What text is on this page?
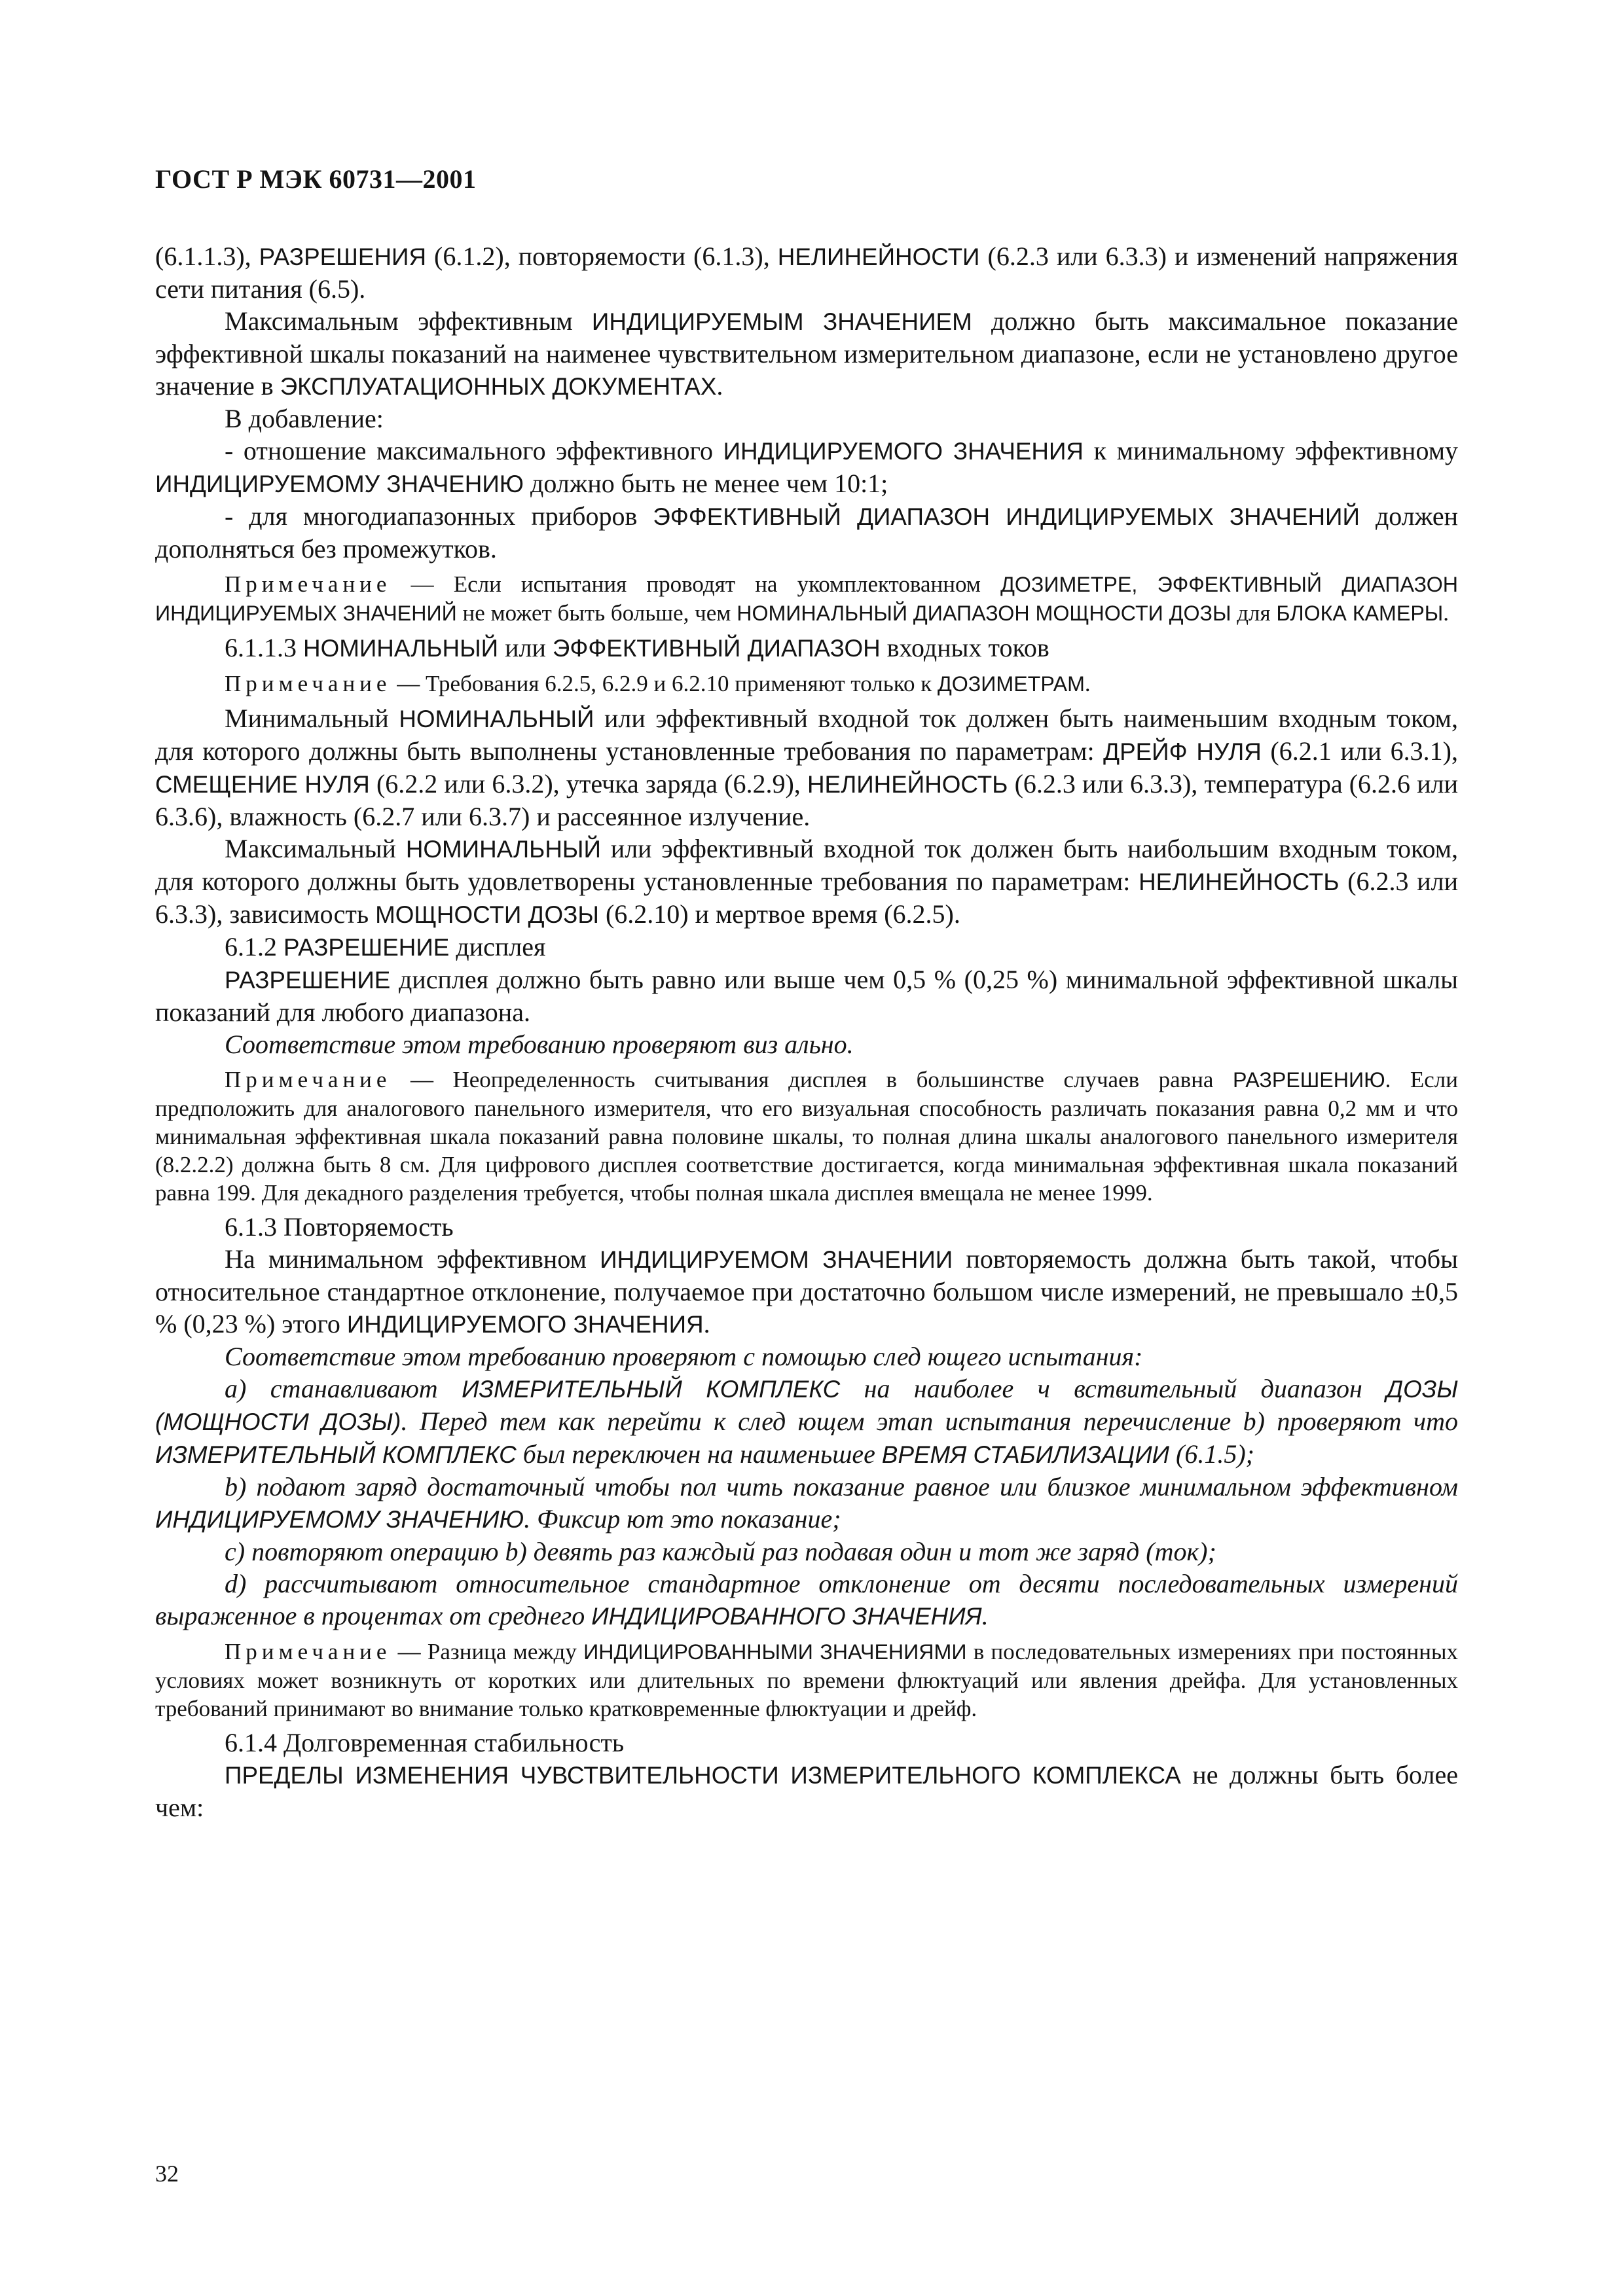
ГОСТ Р МЭК 60731—2001

(6.1.1.3), РАЗРЕШЕНИЯ (6.1.2), повторяемости (6.1.3), НЕЛИНЕЙНОСТИ (6.2.3 или 6.3.3) и изменений напряжения сети питания (6.5).

Максимальным эффективным ИНДИЦИРУЕМЫМ ЗНАЧЕНИЕМ должно быть максимальное показание эффективной шкалы показаний на наименее чувствительном измерительном диапазоне, если не установлено другое значение в ЭКСПЛУАТАЦИОННЫХ ДОКУМЕНТАХ.

В добавление:

- отношение максимального эффективного ИНДИЦИРУЕМОГО ЗНАЧЕНИЯ к минимальному эффективному ИНДИЦИРУЕМОМУ ЗНАЧЕНИЮ должно быть не менее чем 10:1;

- для многодиапазонных приборов ЭФФЕКТИВНЫЙ ДИАПАЗОН ИНДИЦИРУЕМЫХ ЗНАЧЕНИЙ должен дополняться без промежутков.

Примечание — Если испытания проводят на укомплектованном ДОЗИМЕТРЕ, ЭФФЕКТИВНЫЙ ДИАПАЗОН ИНДИЦИРУЕМЫХ ЗНАЧЕНИЙ не может быть больше, чем НОМИНАЛЬНЫЙ ДИАПАЗОН МОЩНОСТИ ДОЗЫ для БЛОКА КАМЕРЫ.

6.1.1.3 НОМИНАЛЬНЫЙ или ЭФФЕКТИВНЫЙ ДИАПАЗОН входных токов

Примечание — Требования 6.2.5, 6.2.9 и 6.2.10 применяют только к ДОЗИМЕТРАМ.

Минимальный НОМИНАЛЬНЫЙ или эффективный входной ток должен быть наименьшим входным током, для которого должны быть выполнены установленные требования по параметрам: ДРЕЙФ НУЛЯ (6.2.1 или 6.3.1), СМЕЩЕНИЕ НУЛЯ (6.2.2 или 6.3.2), утечка заряда (6.2.9), НЕЛИНЕЙНОСТЬ (6.2.3 или 6.3.3), температура (6.2.6 или 6.3.6), влажность (6.2.7 или 6.3.7) и рассеянное излучение.

Максимальный НОМИНАЛЬНЫЙ или эффективный входной ток должен быть наибольшим входным током, для которого должны быть удовлетворены установленные требования по параметрам: НЕЛИНЕЙНОСТЬ (6.2.3 или 6.3.3), зависимость МОЩНОСТИ ДОЗЫ (6.2.10) и мертвое время (6.2.5).

6.1.2 РАЗРЕШЕНИЕ дисплея

РАЗРЕШЕНИЕ дисплея должно быть равно или выше чем 0,5 % (0,25 %) минимальной эффективной шкалы показаний для любого диапазона.

Соответствие этом требованию проверяют виз ально.

Примечание — Неопределенность считывания дисплея в большинстве случаев равна РАЗРЕШЕНИЮ. Если предположить для аналогового панельного измерителя, что его визуальная способность различать показания равна 0,2 мм и что минимальная эффективная шкала показаний равна половине шкалы, то полная длина шкалы аналогового панельного измерителя (8.2.2.2) должна быть 8 см. Для цифрового дисплея соответствие достигается, когда минимальная эффективная шкала показаний равна 199. Для декадного разделения требуется, чтобы полная шкала дисплея вмещала не менее 1999.

6.1.3 Повторяемость

На минимальном эффективном ИНДИЦИРУЕМОМ ЗНАЧЕНИИ повторяемость должна быть такой, чтобы относительное стандартное отклонение, получаемое при достаточно большом числе измерений, не превышало ±0,5 % (0,23 %) этого ИНДИЦИРУЕМОГО ЗНАЧЕНИЯ.

Соответствие этом требованию проверяют с помощью след ющего испытания:

а) станавливают ИЗМЕРИТЕЛЬНЫЙ КОМПЛЕКС на наиболее ч вствительный диапазон ДОЗЫ (МОЩНОСТИ ДОЗЫ). Перед тем как перейти к след ющем этап испытания перечисление b) проверяют что ИЗМЕРИТЕЛЬНЫЙ КОМПЛЕКС был переключен на наименьшее ВРЕМЯ СТАБИЛИЗАЦИИ (6.1.5);

b) подают заряд достаточный чтобы пол чить показание равное или близкое минимальном эффективном ИНДИЦИРУЕМОМУ ЗНАЧЕНИЮ. Фиксир ют это показание;

с) повторяют операцию b) девять раз каждый раз подавая один и тот же заряд (ток);

d) рассчитывают относительное стандартное отклонение от десяти последовательных измерений выраженное в процентах от среднего ИНДИЦИРОВАННОГО ЗНАЧЕНИЯ.

Примечание — Разница между ИНДИЦИРОВАННЫМИ ЗНАЧЕНИЯМИ в последовательных измерениях при постоянных условиях может возникнуть от коротких или длительных по времени флюктуаций или явления дрейфа. Для установленных требований принимают во внимание только кратковременные флюктуации и дрейф.

6.1.4 Долговременная стабильность

ПРЕДЕЛЫ ИЗМЕНЕНИЯ ЧУВСТВИТЕЛЬНОСТИ ИЗМЕРИТЕЛЬНОГО КОМПЛЕКСА не должны быть более чем:

32
